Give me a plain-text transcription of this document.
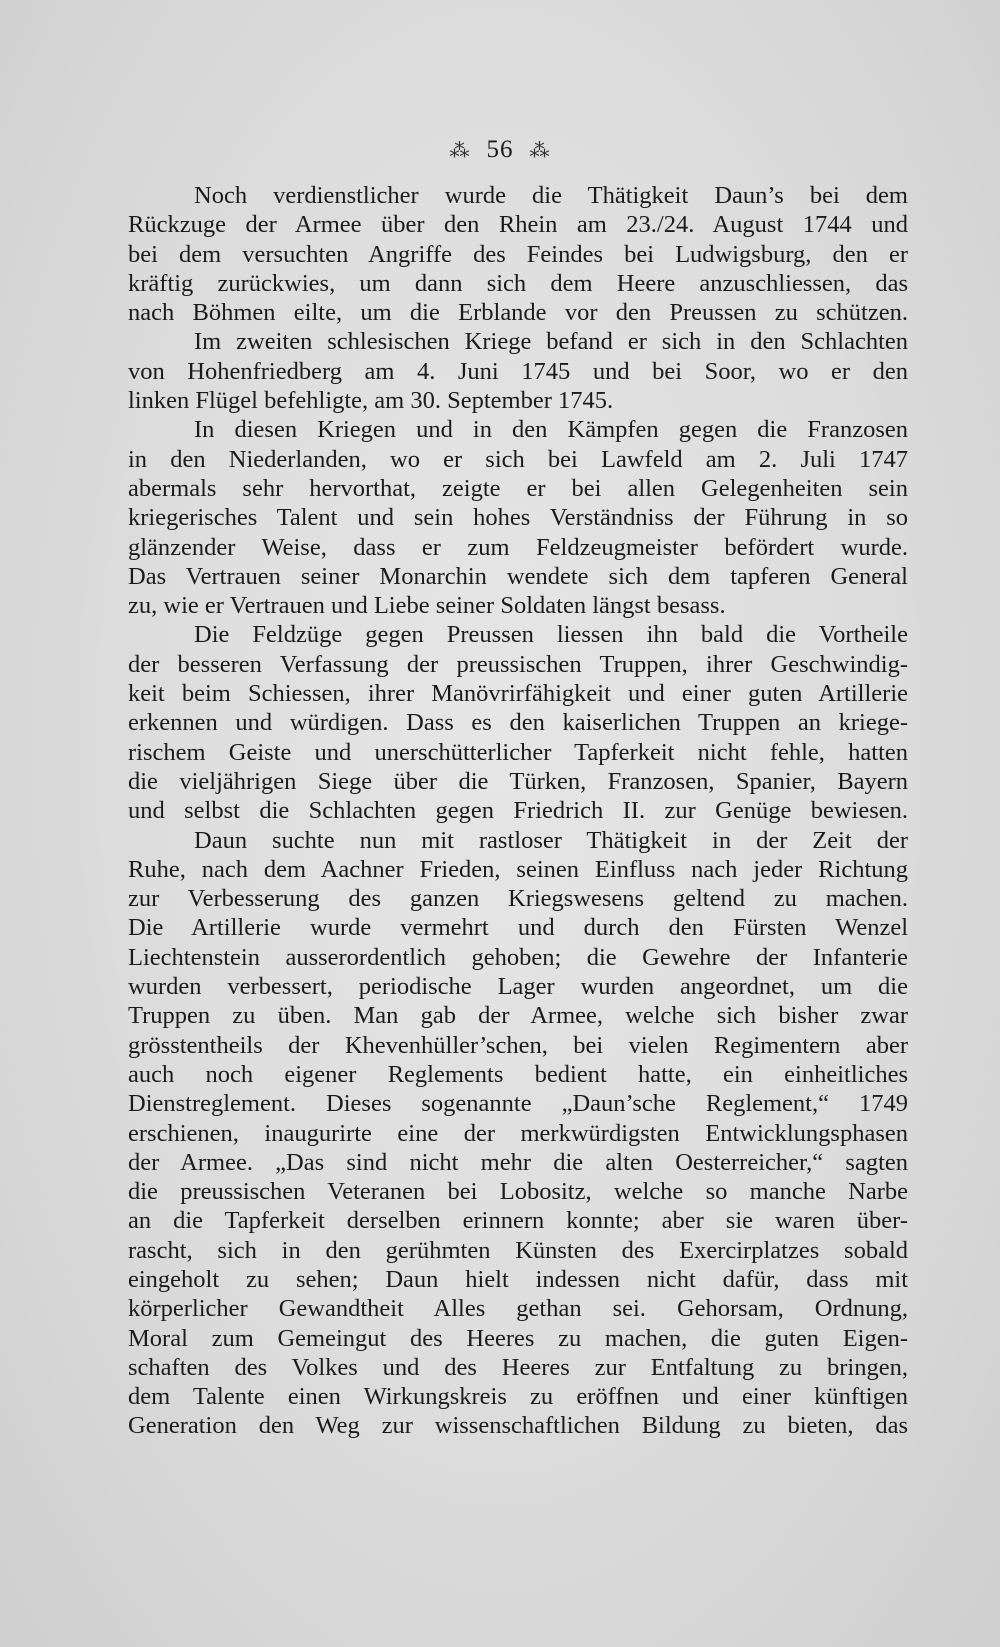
⁂ 56 ⁂
Noch verdienstlicher wurde die Thätigkeit Daun’s bei dem
Rückzuge der Armee über den Rhein am 23./24. August 1744 und
bei dem versuchten Angriffe des Feindes bei Ludwigsburg, den er
kräftig zurückwies, um dann sich dem Heere anzuschliessen, das
nach Böhmen eilte, um die Erblande vor den Preussen zu schützen.
Im zweiten schlesischen Kriege befand er sich in den Schlachten
von Hohenfriedberg am 4. Juni 1745 und bei Soor, wo er den
linken Flügel befehligte, am 30. September 1745.
In diesen Kriegen und in den Kämpfen gegen die Franzosen
in den Niederlanden, wo er sich bei Lawfeld am 2. Juli 1747
abermals sehr hervorthat, zeigte er bei allen Gelegenheiten sein
kriegerisches Talent und sein hohes Verständniss der Führung in so
glänzender Weise, dass er zum Feldzeugmeister befördert wurde.
Das Vertrauen seiner Monarchin wendete sich dem tapferen General
zu, wie er Vertrauen und Liebe seiner Soldaten längst besass.
Die Feldzüge gegen Preussen liessen ihn bald die Vortheile
der besseren Verfassung der preussischen Truppen, ihrer Geschwindig-
keit beim Schiessen, ihrer Manövrirfähigkeit und einer guten Artillerie
erkennen und würdigen. Dass es den kaiserlichen Truppen an kriege-
rischem Geiste und unerschütterlicher Tapferkeit nicht fehle, hatten
die vieljährigen Siege über die Türken, Franzosen, Spanier, Bayern
und selbst die Schlachten gegen Friedrich II. zur Genüge bewiesen.
Daun suchte nun mit rastloser Thätigkeit in der Zeit der
Ruhe, nach dem Aachner Frieden, seinen Einfluss nach jeder Richtung
zur Verbesserung des ganzen Kriegswesens geltend zu machen.
Die Artillerie wurde vermehrt und durch den Fürsten Wenzel
Liechtenstein ausserordentlich gehoben; die Gewehre der Infanterie
wurden verbessert, periodische Lager wurden angeordnet, um die
Truppen zu üben. Man gab der Armee, welche sich bisher zwar
grösstentheils der Khevenhüller’schen, bei vielen Regimentern aber
auch noch eigener Reglements bedient hatte, ein einheitliches
Dienstreglement. Dieses sogenannte „Daun’sche Reglement,“ 1749
erschienen, inaugurirte eine der merkwürdigsten Entwicklungsphasen
der Armee. „Das sind nicht mehr die alten Oesterreicher,“ sagten
die preussischen Veteranen bei Lobositz, welche so manche Narbe
an die Tapferkeit derselben erinnern konnte; aber sie waren über-
rascht, sich in den gerühmten Künsten des Exercirplatzes sobald
eingeholt zu sehen; Daun hielt indessen nicht dafür, dass mit
körperlicher Gewandtheit Alles gethan sei. Gehorsam, Ordnung,
Moral zum Gemeingut des Heeres zu machen, die guten Eigen-
schaften des Volkes und des Heeres zur Entfaltung zu bringen,
dem Talente einen Wirkungskreis zu eröffnen und einer künftigen
Generation den Weg zur wissenschaftlichen Bildung zu bieten, das
